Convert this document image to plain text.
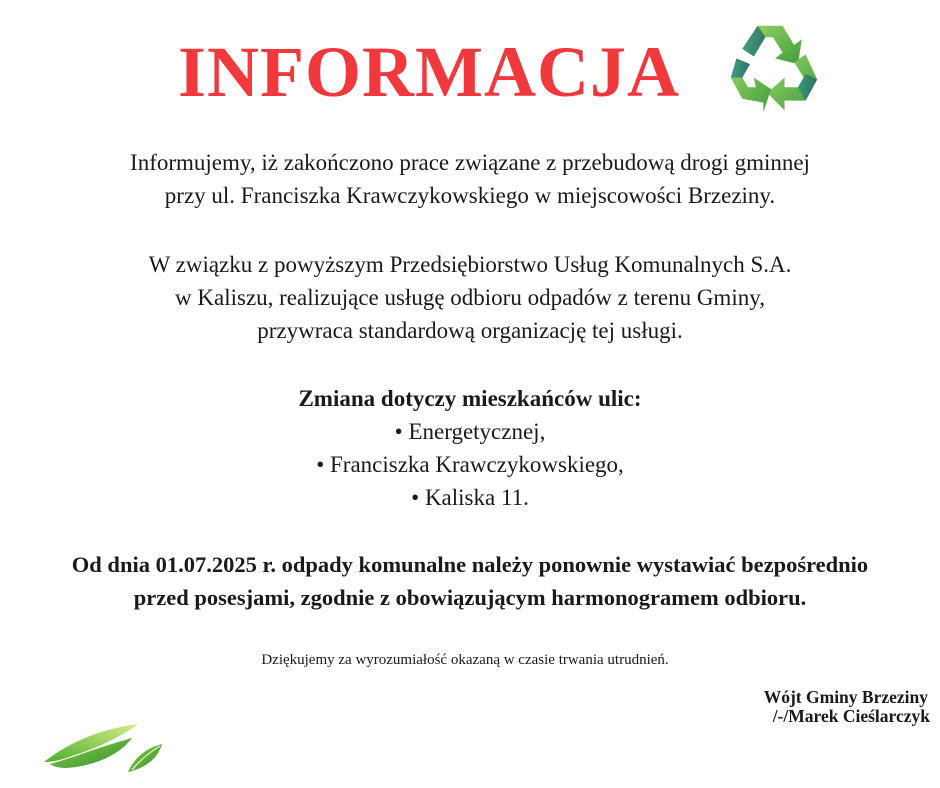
INFORMACJA

Informujemy, iż zakończono prace związane z przebudową drogi gminnej
przy ul. Franciszka Krawczykowskiego w miejscowości Brzeziny.

W związku z powyższym Przedsiębiorstwo Usług Komunalnych S.A.
w Kaliszu, realizujące usługę odbioru odpadów z terenu Gminy,
przywraca standardową organizację tej usługi.

Zmiana dotyczy mieszkańców ulic:
• Energetycznej,
• Franciszka Krawczykowskiego,
• Kaliska 11.

Od dnia 01.07.2025 r. odpady komunalne należy ponownie wystawiać bezpośrednio
przed posesjami, zgodnie z obowiązującym harmonogramem odbioru.

Dziękujemy za wyrozumiałość okazaną w czasie trwania utrudnień.

Wójt Gminy Brzeziny
/-/Marek Cieślarczyk
